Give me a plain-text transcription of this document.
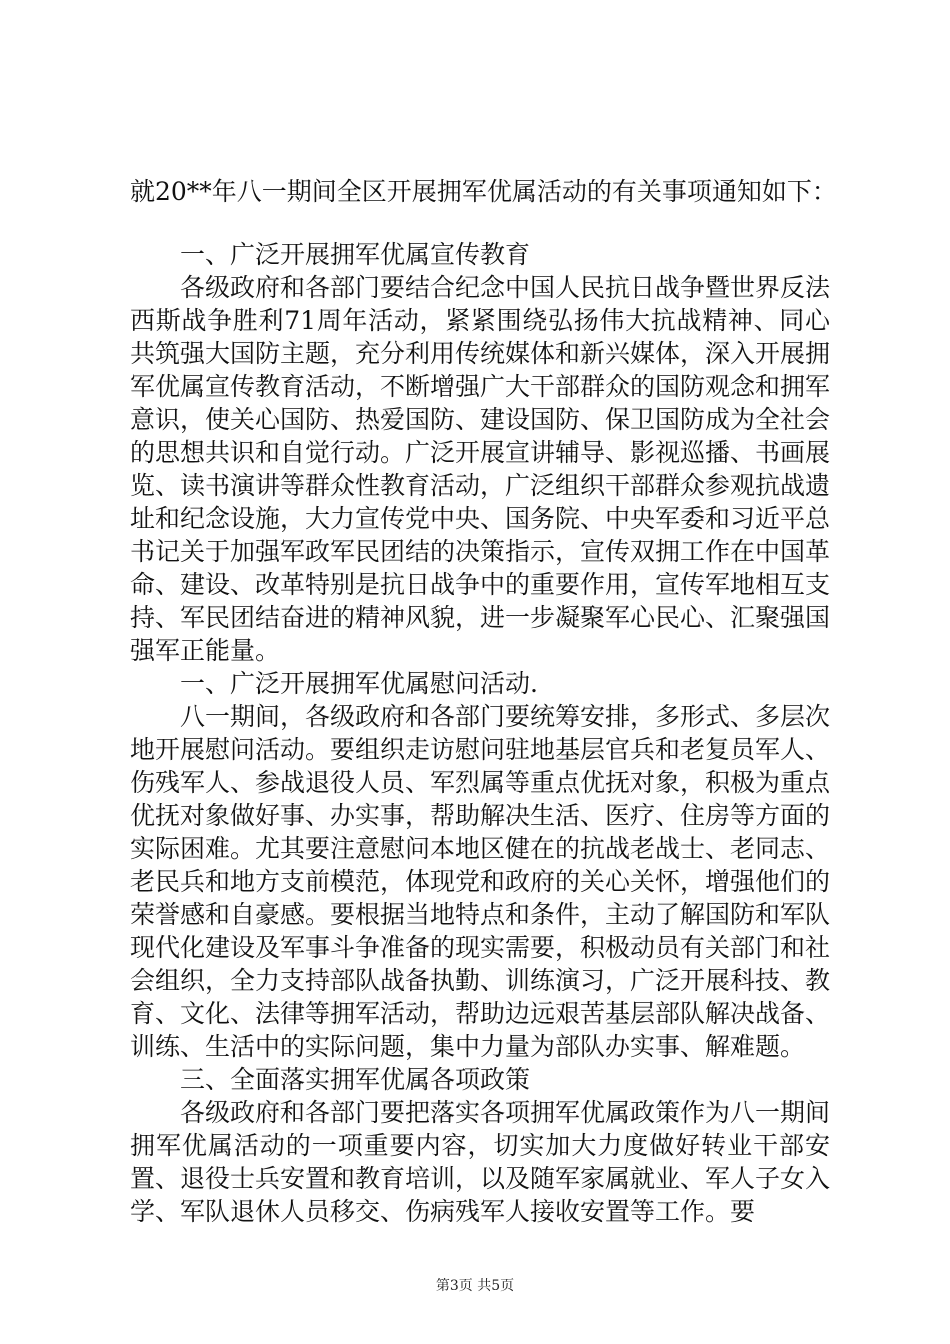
就20**年八一期间全区开展拥军优属活动的有关事项通知如下：

一、广泛开展拥军优属宣传教育

各级政府和各部门要结合纪念中国人民抗日战争暨世界反法西斯战争胜利71周年活动，紧紧围绕弘扬伟大抗战精神、同心共筑强大国防主题，充分利用传统媒体和新兴媒体，深入开展拥军优属宣传教育活动，不断增强广大干部群众的国防观念和拥军意识，使关心国防、热爱国防、建设国防、保卫国防成为全社会的思想共识和自觉行动。广泛开展宣讲辅导、影视巡播、书画展览、读书演讲等群众性教育活动，广泛组织干部群众参观抗战遗址和纪念设施，大力宣传党中央、国务院、中央军委和习近平总书记关于加强军政军民团结的决策指示，宣传双拥工作在中国革命、建设、改革特别是抗日战争中的重要作用，宣传军地相互支持、军民团结奋进的精神风貌，进一步凝聚军心民心、汇聚强国强军正能量。

一、广泛开展拥军优属慰问活动.

八一期间，各级政府和各部门要统筹安排，多形式、多层次地开展慰问活动。要组织走访慰问驻地基层官兵和老复员军人、伤残军人、参战退役人员、军烈属等重点优抚对象，积极为重点优抚对象做好事、办实事，帮助解决生活、医疗、住房等方面的实际困难。尤其要注意慰问本地区健在的抗战老战士、老同志、老民兵和地方支前模范，体现党和政府的关心关怀，增强他们的荣誉感和自豪感。要根据当地特点和条件，主动了解国防和军队现代化建设及军事斗争准备的现实需要，积极动员有关部门和社会组织，全力支持部队战备执勤、训练演习，广泛开展科技、教育、文化、法律等拥军活动，帮助边远艰苦基层部队解决战备、训练、生活中的实际问题，集中力量为部队办实事、解难题。

三、全面落实拥军优属各项政策

各级政府和各部门要把落实各项拥军优属政策作为八一期间拥军优属活动的一项重要内容，切实加大力度做好转业干部安置、退役士兵安置和教育培训，以及随军家属就业、军人子女入学、军队退休人员移交、伤病残军人接收安置等工作。要

第3页 共5页
